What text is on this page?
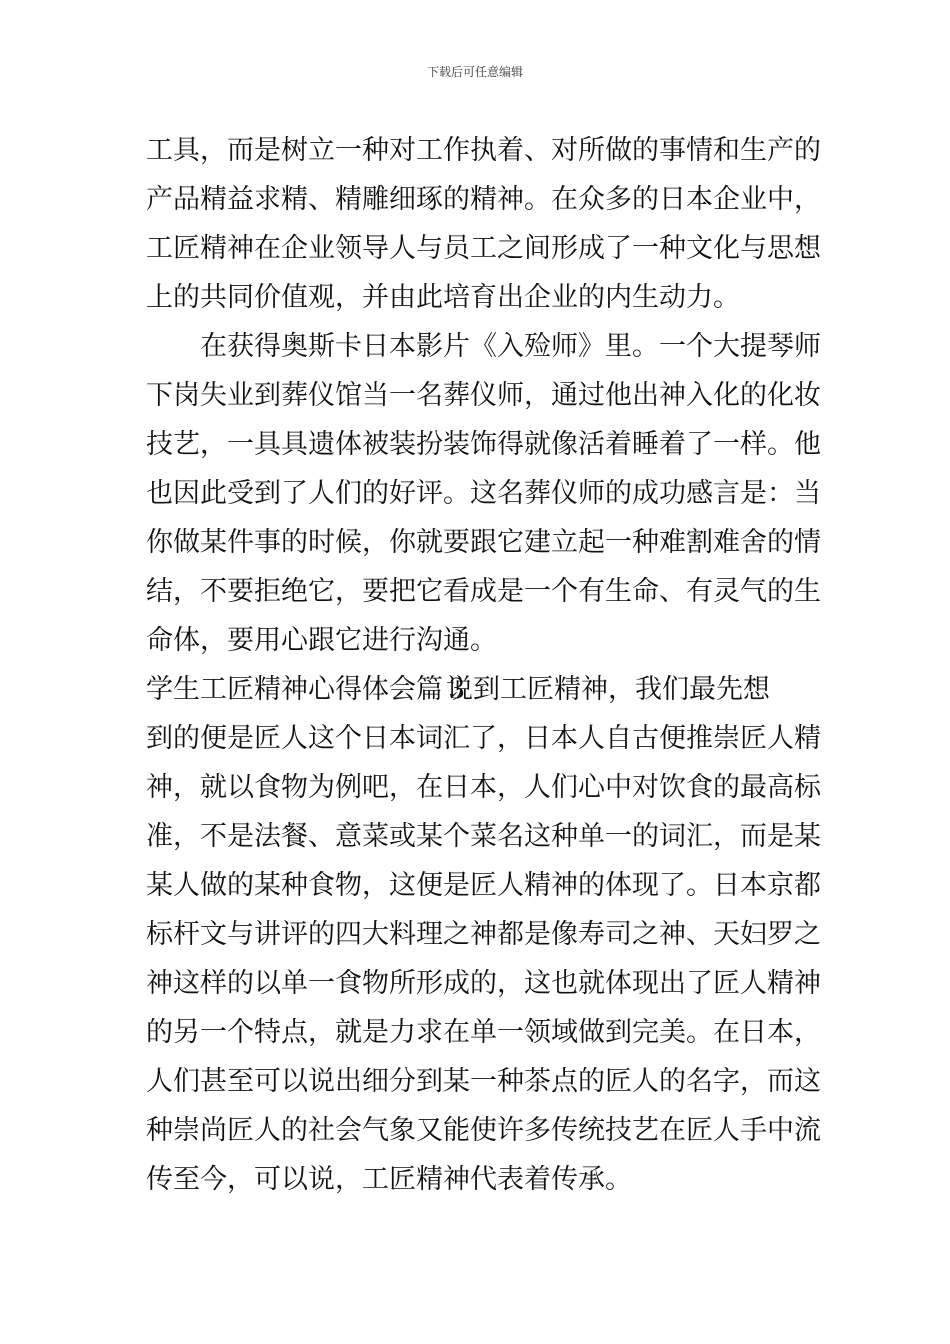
下载后可任意编辑
工具，而是树立一种对工作执着、对所做的事情和生产的
产品精益求精、精雕细琢的精神。在众多的日本企业中，
工匠精神在企业领导人与员工之间形成了一种文化与思想
上的共同价值观，并由此培育出企业的内生动力。
在获得奥斯卡日本影片《入殓师》里。一个大提琴师
下岗失业到葬仪馆当一名葬仪师，通过他出神入化的化妆
技艺，一具具遗体被装扮装饰得就像活着睡着了一样。他
也因此受到了人们的好评。这名葬仪师的成功感言是：当
你做某件事的时候，你就要跟它建立起一种难割难舍的情
结，不要拒绝它，要把它看成是一个有生命、有灵气的生
命体，要用心跟它进行沟通。
学生工匠精神心得体会篇３说到工匠精神，我们最先想
到的便是匠人这个日本词汇了，日本人自古便推崇匠人精
神，就以食物为例吧，在日本，人们心中对饮食的最高标
准，不是法餐、意菜或某个菜名这种单一的词汇，而是某
某人做的某种食物，这便是匠人精神的体现了。日本京都
标杆文与讲评的四大料理之神都是像寿司之神、天妇罗之
神这样的以单一食物所形成的，这也就体现出了匠人精神
的另一个特点，就是力求在单一领域做到完美。在日本，
人们甚至可以说出细分到某一种茶点的匠人的名字，而这
种崇尚匠人的社会气象又能使许多传统技艺在匠人手中流
传至今，可以说，工匠精神代表着传承。
